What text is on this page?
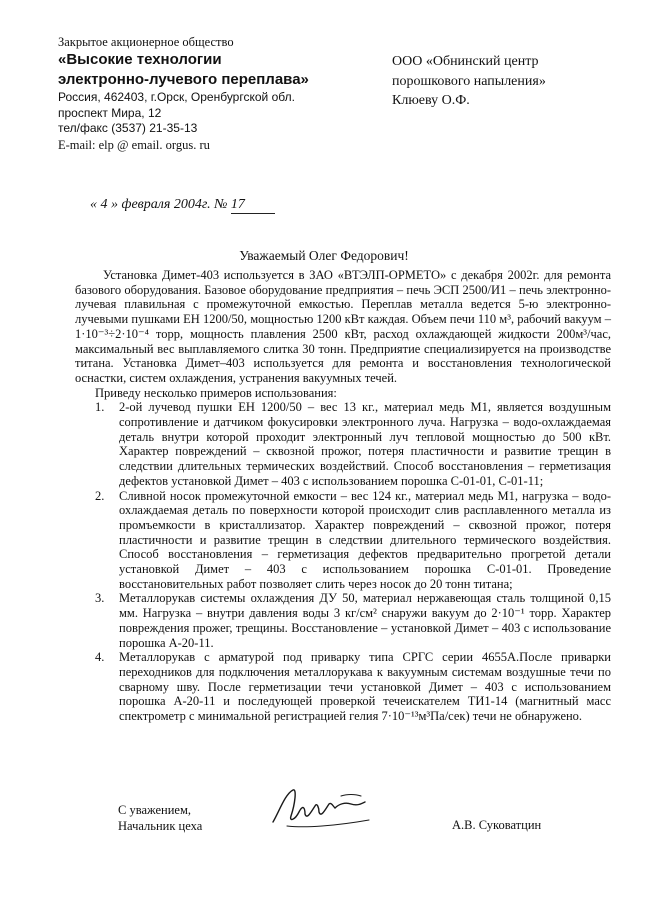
Закрытое акционерное общество
«Высокие технологии
электронно-лучевого переплава»
Россия, 462403, г.Орск, Оренбургской обл.
проспект Мира, 12
тел/факс (3537) 21-35-13
E-mail: elp @ email. orgus. ru
ООО «Обнинский центр
порошкового напыления»
Клюеву О.Ф.
« 4 » февраля 2004г. № 17
Уважаемый Олег Федорович!

Установка Димет-403 используется в ЗАО «ВТЭЛП-ОРМЕТО» с декабря 2002г. для ремонта базового оборудования. Базовое оборудование предприятия – печь ЭСП 2500/И1 – печь электронно-лучевая плавильная с промежуточной емкостью. Переплав металла ведется 5-ю электронно-лучевыми пушками ЕН 1200/50, мощностью 1200 кВт каждая. Объем печи 110 м³, рабочий вакуум – 1·10⁻³÷2·10⁻⁴ торр, мощность плавления 2500 кВт, расход охлаждающей жидкости 200м³/час, максимальный вес выплавляемого слитка 30 тонн. Предприятие специализируется на производстве титана. Установка Димет–403 используется для ремонта и восстановления технологической оснастки, систем охлаждения, устранения вакуумных течей.

Приведу несколько примеров использования:

1. 2-ой лучевод пушки ЕН 1200/50 – вес 13 кг., материал медь М1, является воздушным сопротивление и датчиком фокусировки электронного луча. Нагрузка – водо-охлаждаемая деталь внутри которой проходит электронный луч тепловой мощностью до 500 кВт. Характер повреждений – сквозной прожог, потеря пластичности и развитие трещин в следствии длительных термических воздействий. Способ восстановления – герметизация дефектов установкой Димет – 403 с использованием порошка С-01-01, С-01-11;
2. Сливной носок промежуточной емкости – вес 124 кг., материал медь М1, нагрузка – водо-охлаждаемая деталь по поверхности которой происходит слив расплавленного металла из промъемкости в кристаллизатор. Характер повреждений – сквозной прожог, потеря пластичности и развитие трещин в следствии длительного термического воздействия. Способ восстановления – герметизация дефектов предварительно прогретой детали установкой Димет – 403 с использованием порошка С-01-01. Проведение восстановительных работ позволяет слить через носок до 20 тонн титана;
3. Металлорукав системы охлаждения ДУ 50, материал нержавеющая сталь толщиной 0,15 мм. Нагрузка – внутри давления воды 3 кг/см² снаружи вакуум до 2·10⁻¹ торр. Характер повреждения прожег, трещины. Восстановление – установкой Димет – 403 с использование порошка А-20-11.
4. Металлорукав с арматурой под приварку типа СРГС серии 4655А.После приварки переходников для подключения металлорукава к вакуумным системам воздушные течи по сварному шву. После герметизации течи установкой Димет – 403 с использованием порошка А-20-11 и последующей проверкой течеискателем ТИ1-14 (магнитный масс спектрометр с минимальной регистрацией гелия 7·10⁻¹³м³Па/сек) течи не обнаружено.
С уважением,
Начальник цеха	А.В. Суковатцин
